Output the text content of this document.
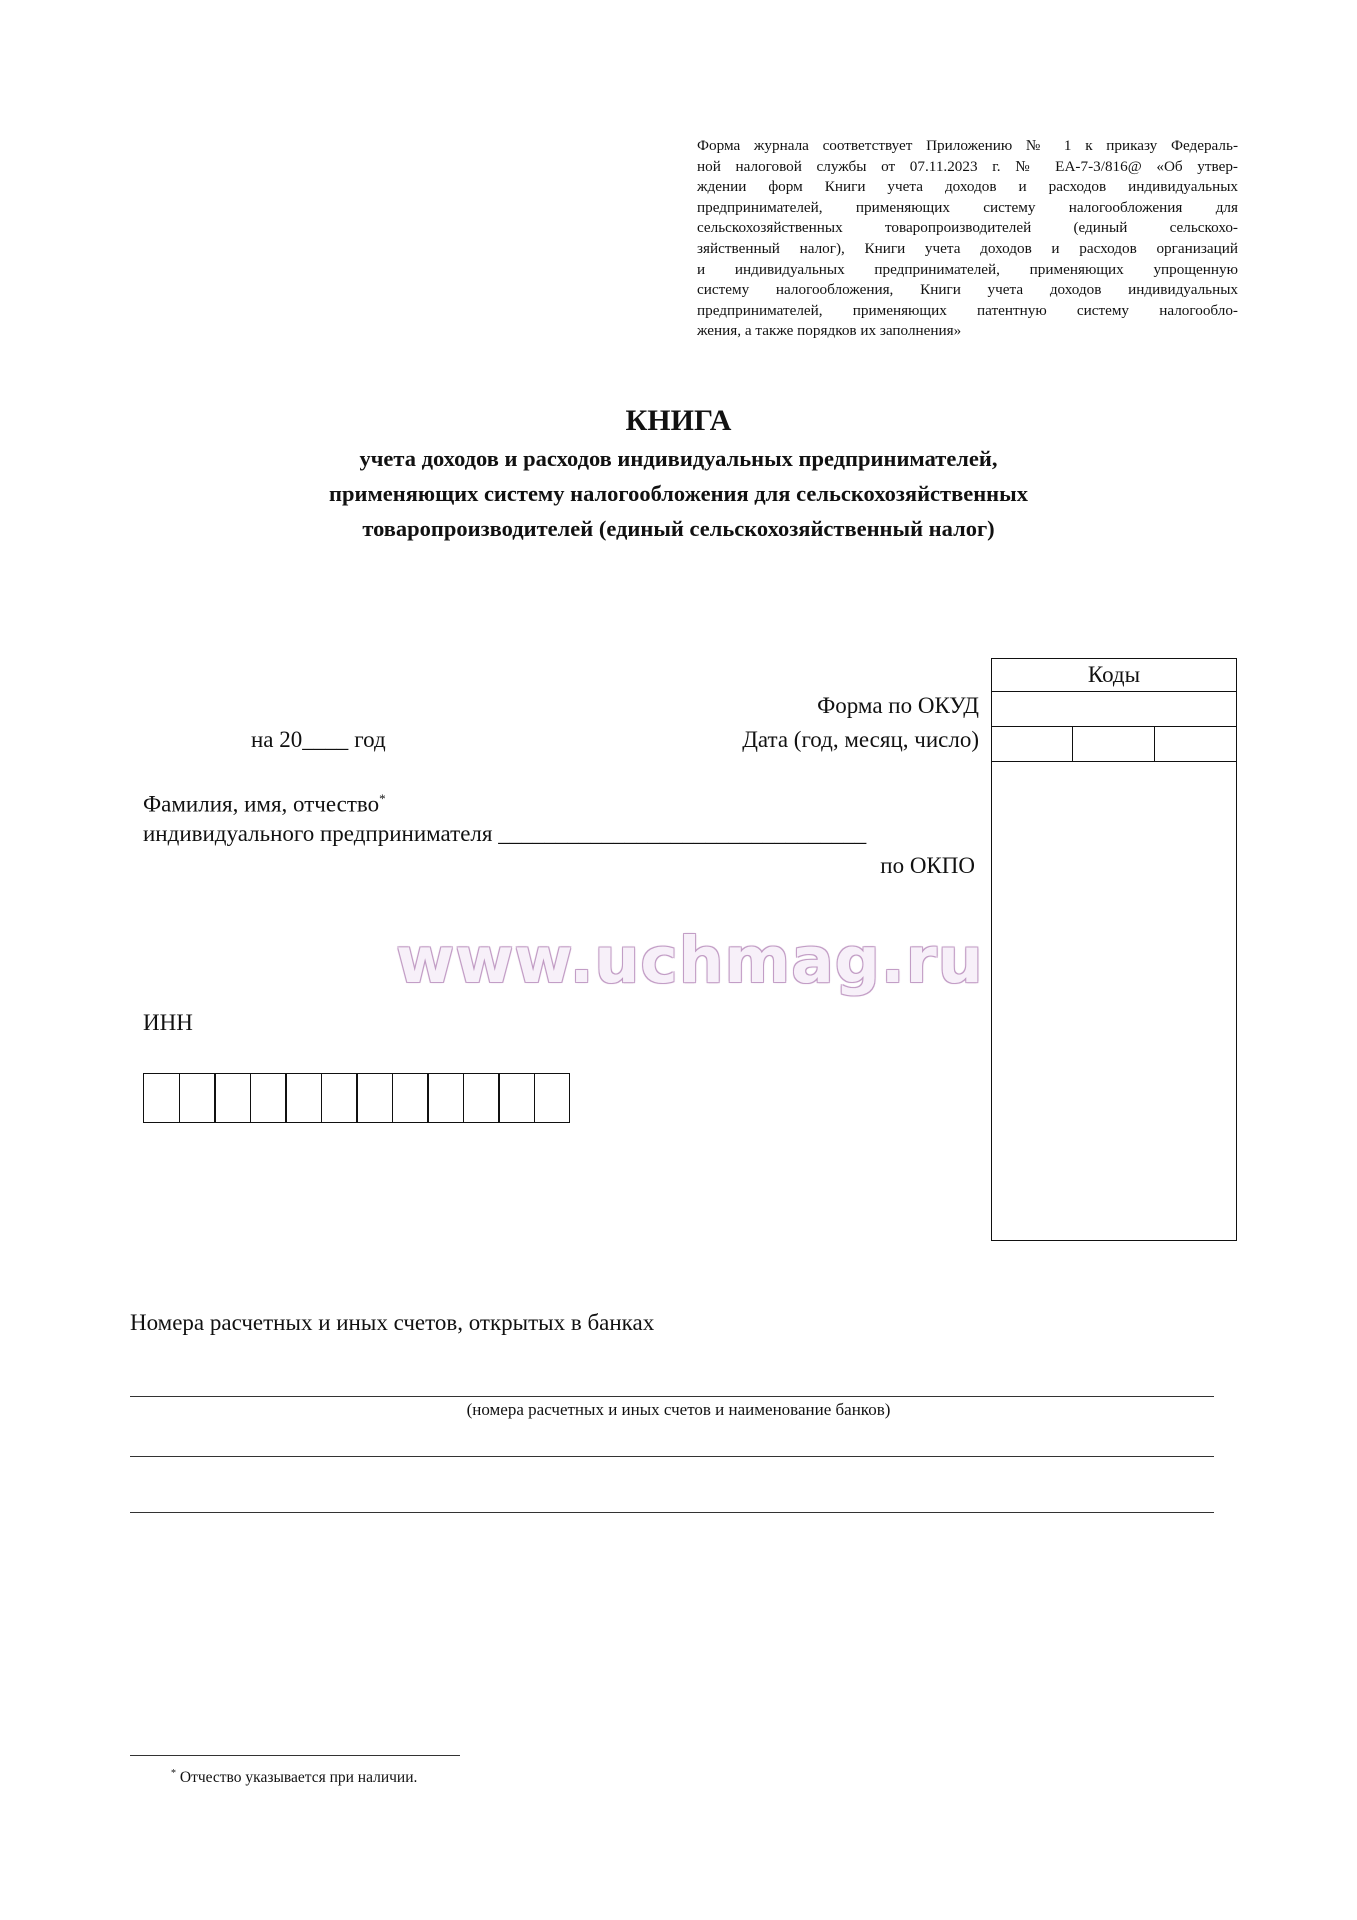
Форма журнала соответствует Приложению № 1 к приказу Федераль-
ной налоговой службы от 07.11.2023 г. № ЕА-7-3/816@ «Об утвер-
ждении форм Книги учета доходов и расходов индивидуальных
предпринимателей, применяющих систему налогообложения для
сельскохозяйственных товаропроизводителей (единый сельскохо-
зяйственный налог), Книги учета доходов и расходов организаций
и индивидуальных предпринимателей, применяющих упрощенную
систему налогообложения, Книги учета доходов индивидуальных
предпринимателей, применяющих патентную систему налогообло-
жения, а также порядков их заполнения»
КНИГА
учета доходов и расходов индивидуальных предпринимателей,
применяющих систему налогообложения для сельскохозяйственных
товаропроизводителей (единый сельскохозяйственный налог)
Коды
Форма по ОКУД
Дата (год, месяц, число)
по ОКПО
на 20____ год
Фамилия, имя, отчество*
индивидуального предпринимателя ________________________________
www.uchmag.ru
ИНН
Номера расчетных и иных счетов, открытых в банках
(номера расчетных и иных счетов и наименование банков)
* Отчество указывается при наличии.
